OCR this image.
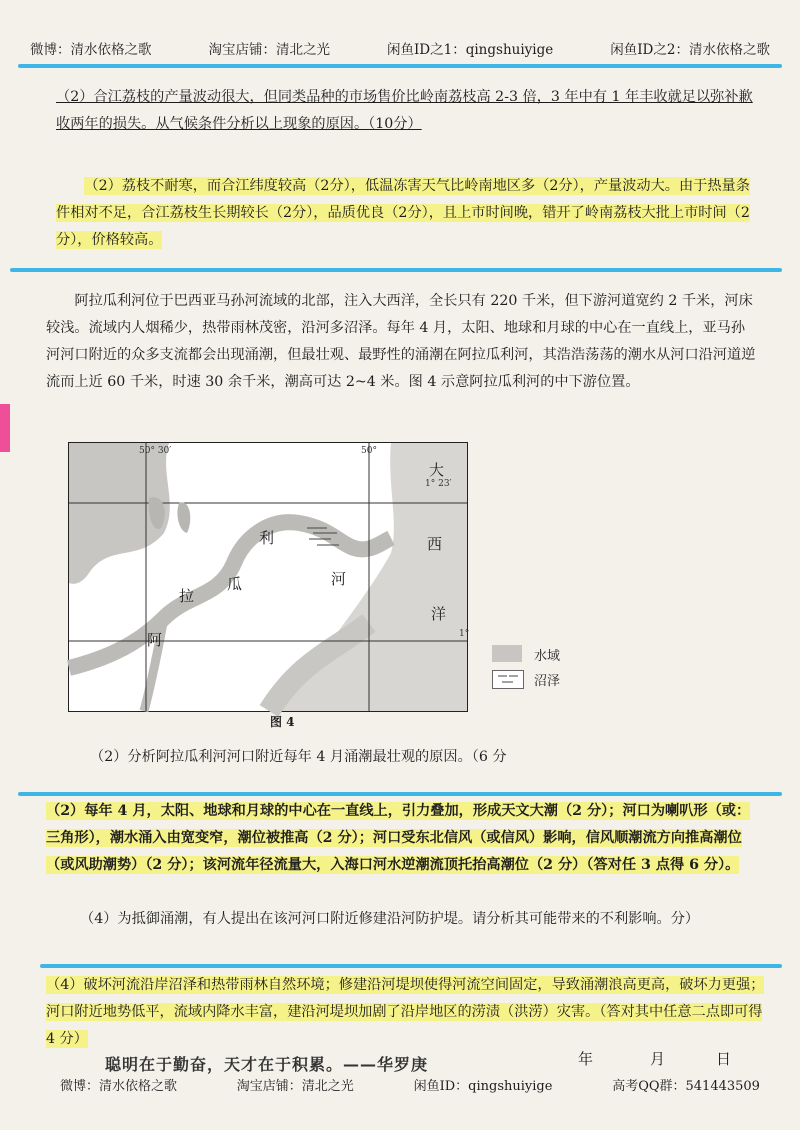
微博：清水依格之歌	淘宝店铺：清北之光	闲鱼ID之1：qingshuiyige	闲鱼ID之2：清水依格之歌

（2）合江荔枝的产量波动很大，但同类品种的市场售价比岭南荔枝高 2-3 倍，3 年中有 1 年丰收就足以弥补歉收两年的损失。从气候条件分析以上现象的原因。（10分）

（2）荔枝不耐寒，而合江纬度较高（2分），低温冻害天气比岭南地区多（2分），产量波动大。由于热量条件相对不足，合江荔枝生长期较长（2分），品质优良（2分），且上市时间晚，错开了岭南荔枝大批上市时间（2分），价格较高。

阿拉瓜利河位于巴西亚马孙河流域的北部，注入大西洋，全长只有 220 千米，但下游河道宽约 2 千米，河床较浅。流域内人烟稀少，热带雨林茂密，沿河多沼泽。每年 4 月，太阳、地球和月球的中心在一直线上，亚马孙河河口附近的众多支流都会出现涌潮，但最壮观、最野性的涌潮在阿拉瓜利河，其浩浩荡荡的潮水从河口沿河道逆流而上近 60 千米，时速 30 余千米，潮高可达 2~4 米。图 4 示意阿拉瓜利河的中下游位置。

50° 30′	50°
1° 23′
1°
大
西
洋
阿
拉
瓜
利
河
水域
沼泽
图 4

（2）分析阿拉瓜利河河口附近每年 4 月涌潮最壮观的原因。（6 分

（2）每年 4 月，太阳、地球和月球的中心在一直线上，引力叠加，形成天文大潮（2 分）；河口为喇叭形（或：三角形），潮水涌入由宽变窄，潮位被推高（2 分）；河口受东北信风（或信风）影响，信风顺潮流方向推高潮位（或风助潮势）（2 分）；该河流年径流量大，入海口河水逆潮流顶托抬高潮位（2 分）（答对任 3 点得 6 分）。

（4）为抵御涌潮，有人提出在该河河口附近修建沿河防护堤。请分析其可能带来的不利影响。分）

（4）破坏河流沿岸沼泽和热带雨林自然环境；修建沿河堤坝使得河流空间固定，导致涌潮浪高更高，破坏力更强；河口附近地势低平，流域内降水丰富，建沿河堤坝加剧了沿岸地区的涝渍（洪涝）灾害。（答对其中任意二点即可得 4 分）

聪明在于勤奋，天才在于积累。——华罗庚	年	月	日
微博：清水依格之歌	淘宝店铺：清北之光	闲鱼ID：qingshuiyige	高考QQ群：541443509
